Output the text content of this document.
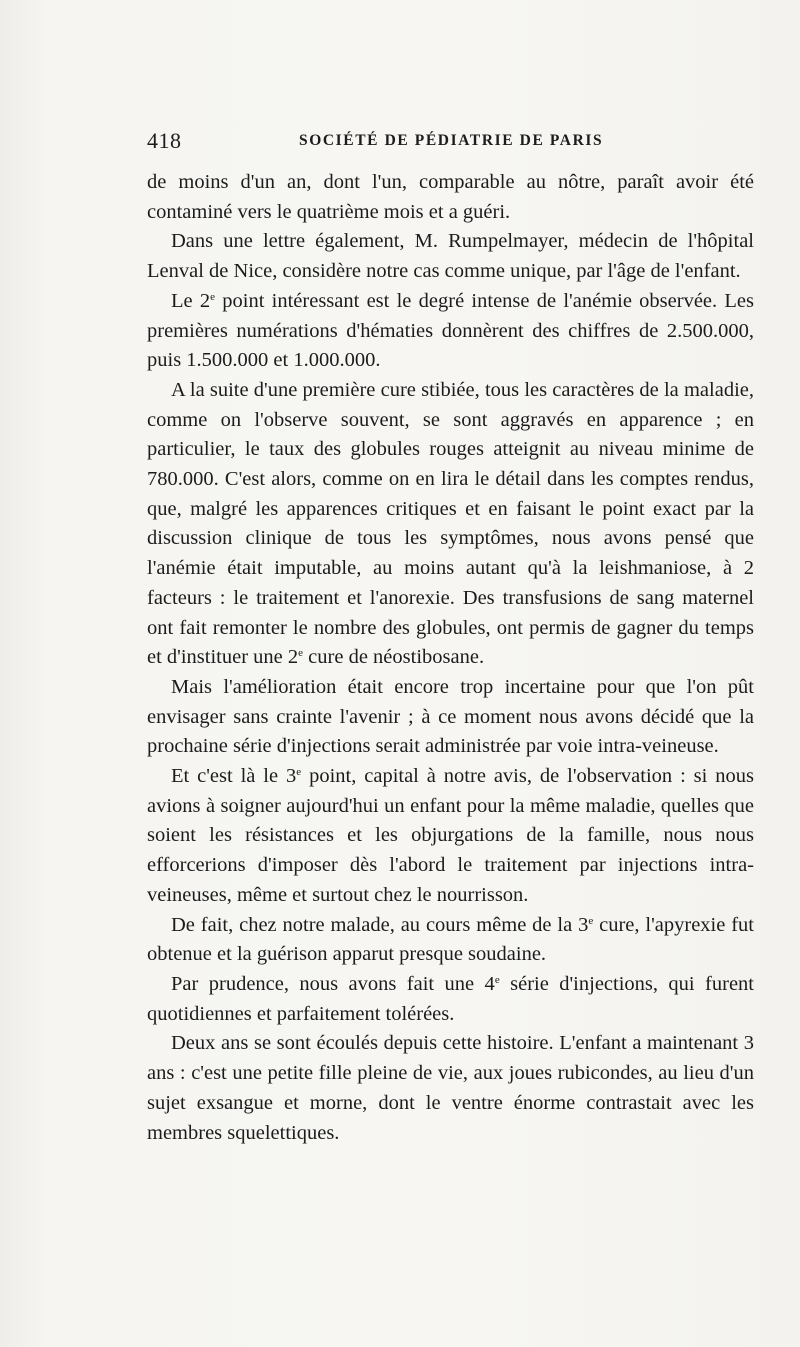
418	SOCIÉTÉ DE PÉDIATRIE DE PARIS

de moins d'un an, dont l'un, comparable au nôtre, paraît avoir été contaminé vers le quatrième mois et a guéri.

Dans une lettre également, M. Rumpelmayer, médecin de l'hôpital Lenval de Nice, considère notre cas comme unique, par l'âge de l'enfant.

Le 2e point intéressant est le degré intense de l'anémie observée. Les premières numérations d'hématies donnèrent des chiffres de 2.500.000, puis 1.500.000 et 1.000.000.

A la suite d'une première cure stibiée, tous les caractères de la maladie, comme on l'observe souvent, se sont aggravés en apparence ; en particulier, le taux des globules rouges atteignit au niveau minime de 780.000. C'est alors, comme on en lira le détail dans les comptes rendus, que, malgré les apparences critiques et en faisant le point exact par la discussion clinique de tous les symptômes, nous avons pensé que l'anémie était imputable, au moins autant qu'à la leishmaniose, à 2 facteurs : le traitement et l'anorexie. Des transfusions de sang maternel ont fait remonter le nombre des globules, ont permis de gagner du temps et d'instituer une 2e cure de néostibosane.

Mais l'amélioration était encore trop incertaine pour que l'on pût envisager sans crainte l'avenir ; à ce moment nous avons décidé que la prochaine série d'injections serait administrée par voie intra-veineuse.

Et c'est là le 3e point, capital à notre avis, de l'observation : si nous avions à soigner aujourd'hui un enfant pour la même maladie, quelles que soient les résistances et les objurgations de la famille, nous nous efforcerions d'imposer dès l'abord le traitement par injections intra-veineuses, même et surtout chez le nourrisson.

De fait, chez notre malade, au cours même de la 3e cure, l'apyrexie fut obtenue et la guérison apparut presque soudaine.

Par prudence, nous avons fait une 4e série d'injections, qui furent quotidiennes et parfaitement tolérées.

Deux ans se sont écoulés depuis cette histoire. L'enfant a maintenant 3 ans : c'est une petite fille pleine de vie, aux joues rubicondes, au lieu d'un sujet exsangue et morne, dont le ventre énorme contrastait avec les membres squelettiques.
